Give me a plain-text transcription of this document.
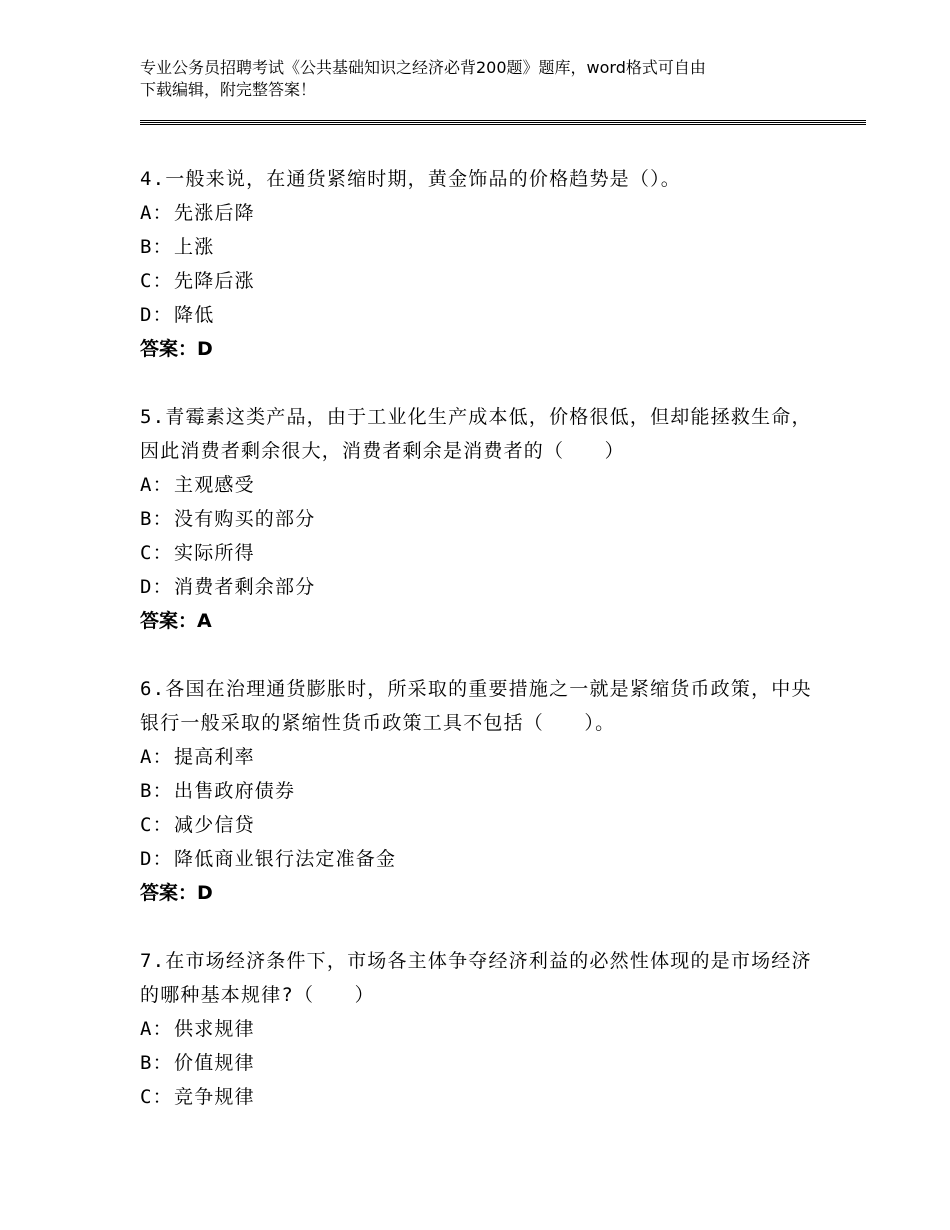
专业公务员招聘考试《公共基础知识之经济必背200题》题库，word格式可自由
下载编辑，附完整答案！

4.一般来说，在通货紧缩时期，黄金饰品的价格趋势是（）。

A：先涨后降
B：上涨
C：先降后涨
D：降低

答案：D

5.青霉素这类产品，由于工业化生产成本低，价格很低，但却能拯救生命，因此消费者剩余很大，消费者剩余是消费者的（　　）

A：主观感受
B：没有购买的部分
C：实际所得
D：消费者剩余部分

答案：A

6.各国在治理通货膨胀时，所采取的重要措施之一就是紧缩货币政策，中央银行一般采取的紧缩性货币政策工具不包括（　　）。

A：提高利率
B：出售政府债券
C：减少信贷
D：降低商业银行法定准备金

答案：D

7.在市场经济条件下，市场各主体争夺经济利益的必然性体现的是市场经济的哪种基本规律?（　　）

A：供求规律
B：价值规律
C：竞争规律
